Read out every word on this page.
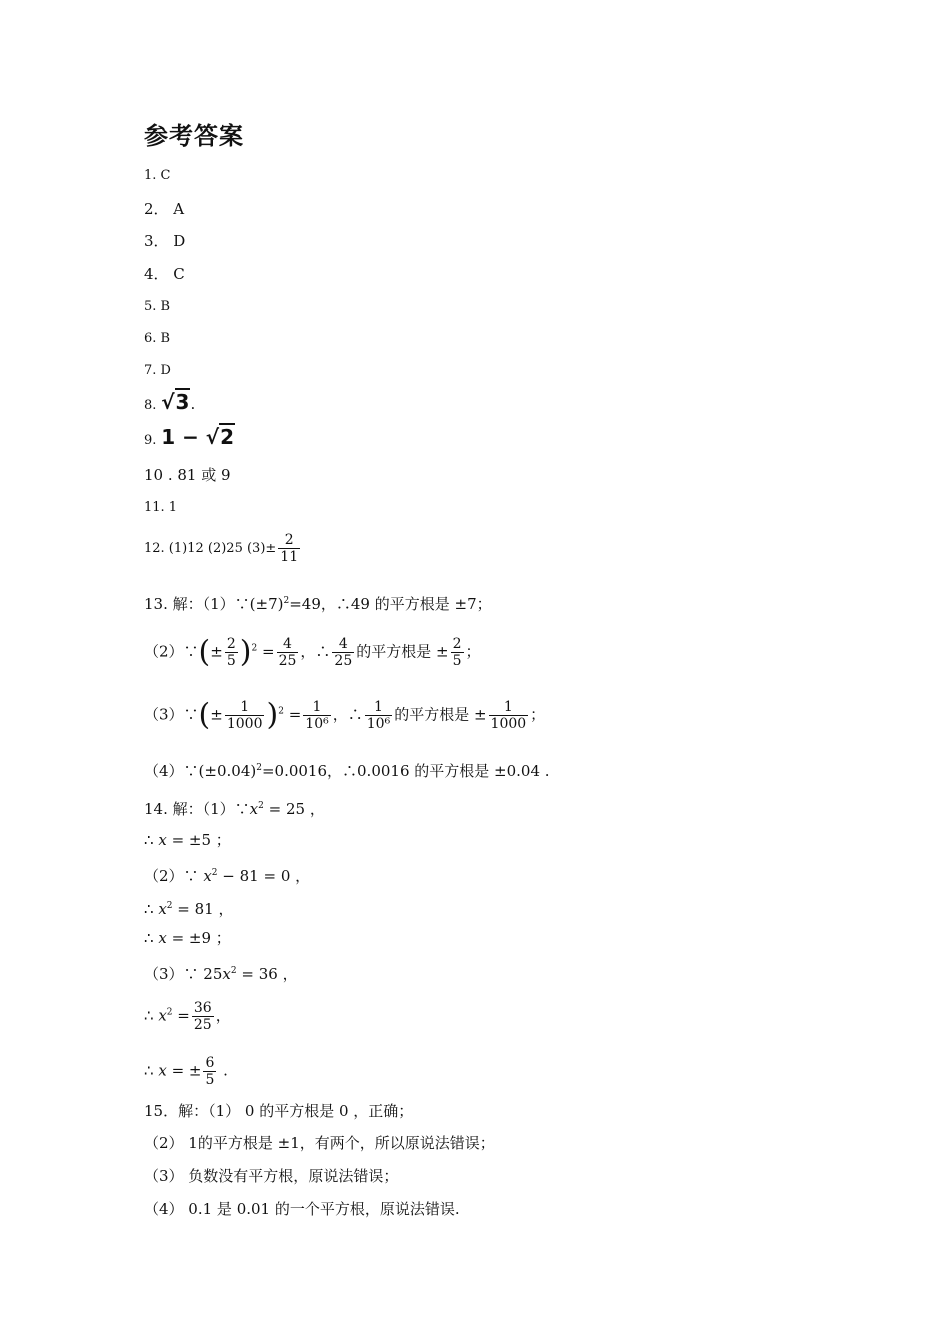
参考答案
1. C
2． A
3． D
4． C
5. B
6. B
7. D
8. √3.
9. 1 − √2
10 . 81 或 9
11. 1
12. (1)12 (2)25 $(3)\pm \frac{2}{11}$
13. 解：$(1)\because(\pm 7)^2=49$，∴49 的平方根是 ±7；
（2）∵(± $\frac{2}{5} )^2 = \frac{4}{25}$ ，∴ $\frac{4}{25}$ 的平方根是 ± $\frac{2}{5}$ ；
（3）∵(± $\frac{1}{1000} )^2 = \frac{1}{\text{10⁶}}$ ，∴ $\frac{1}{\text{10⁶}}$ 的平方根是 ± $\frac{1}{1000}$ ；
$(4)\because(\pm 0.04)^2=0.0016$，∴0.0016 的平方根是 ±0.04 .
14. 解：$(1)\because x^2 = 25$ ，
∴ x = ±5 ；
（2）∵ $x^2 - 81 = 0$ ，
∴ $x^2 = 81$ ，
∴ x = ±9 ；
（3）∵ $25x^2 = 36$ ，
∴ $x^2 = \frac{36}{25}$ ，
∴ x = ± $\frac{6}{5}$ .
15．解：（1） 0 的平方根是 0 ，正确；
（2） 1的平方根是 ±1，有两个，所以原说法错误；
（3） 负数没有平方根，原说法错误；
（4） 0.1 是 0.01 的一个平方根，原说法错误.
